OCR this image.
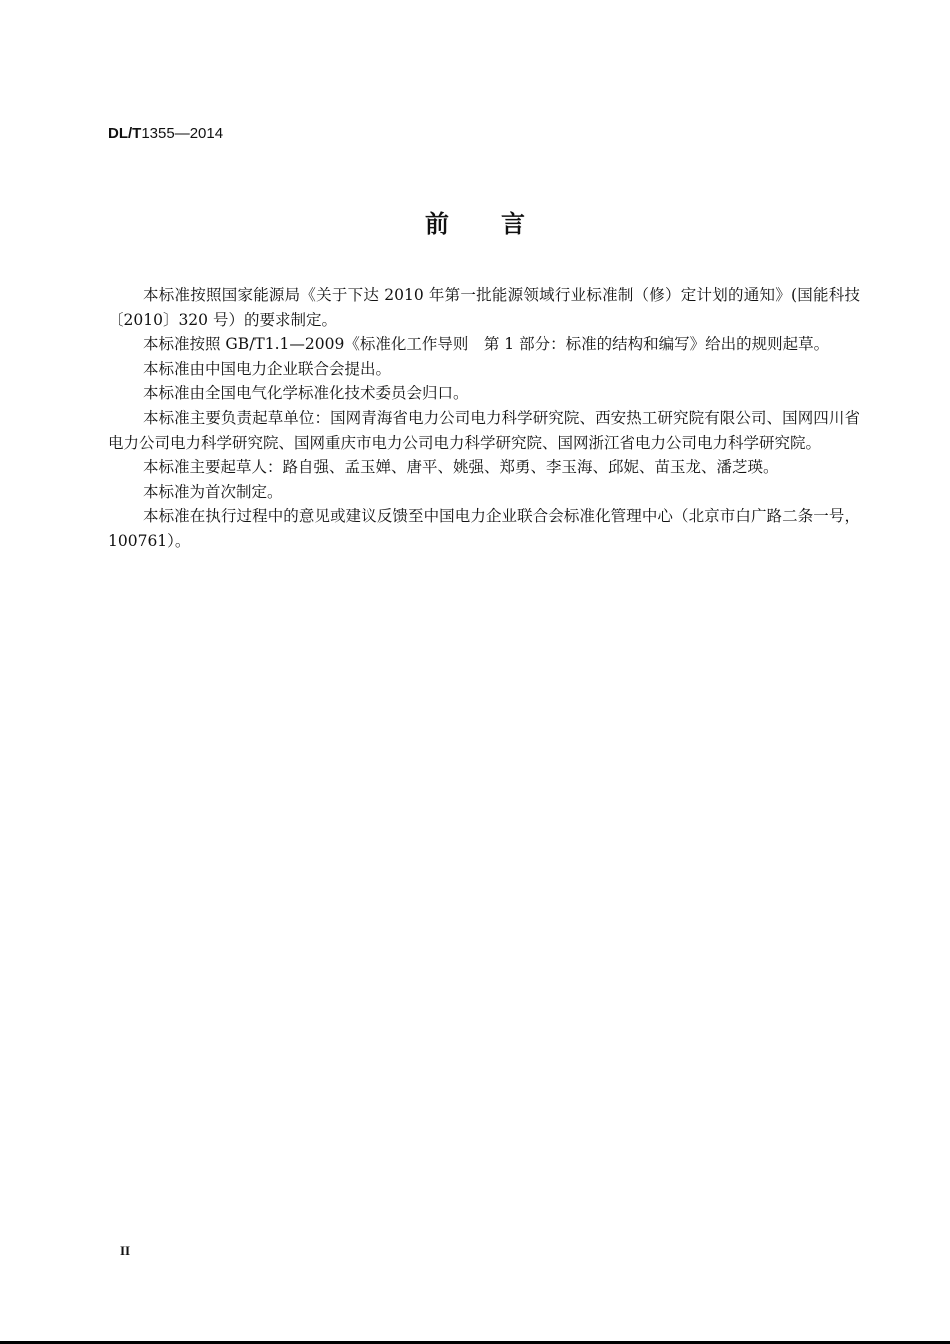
DL/T1355—2014
前言

本标准按照国家能源局《关于下达 2010 年第一批能源领域行业标准制（修）定计划的通知》(国能科技〔2010〕320 号）的要求制定。

本标准按照 GB/T1.1—2009《标准化工作导则　第 1 部分：标准的结构和编写》给出的规则起草。

本标准由中国电力企业联合会提出。

本标准由全国电气化学标准化技术委员会归口。

本标准主要负责起草单位：国网青海省电力公司电力科学研究院、西安热工研究院有限公司、国网四川省电力公司电力科学研究院、国网重庆市电力公司电力科学研究院、国网浙江省电力公司电力科学研究院。

本标准主要起草人：路自强、孟玉婵、唐平、姚强、郑勇、李玉海、邱妮、苗玉龙、潘芝瑛。

本标准为首次制定。

本标准在执行过程中的意见或建议反馈至中国电力企业联合会标准化管理中心（北京市白广路二条一号，100761）。

II
